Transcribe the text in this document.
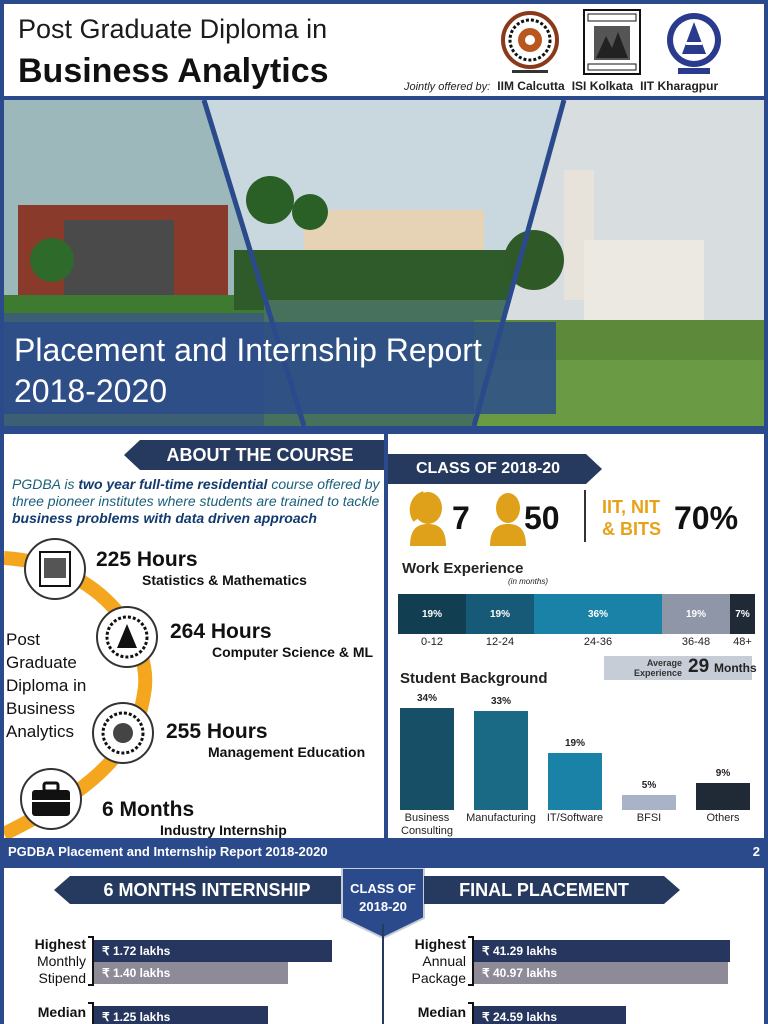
Post Graduate Diploma in
Business Analytics	Jointly offered by: IIM Calcutta ISI Kolkata IIT Kharagpur
Placement and Internship Report
2018-2020
ABOUT THE COURSE
PGDBA is two year full-time residential course offered by three pioneer institutes where students are trained to tackle business problems with data driven approach
225 Hours
Statistics & Mathematics
264 Hours
Computer Science & ML
255 Hours
Management Education
6 Months
Industry Internship
Post
Graduate
Diploma in
Business
Analytics
CLASS OF 2018-20
7 50 IIT, NIT
& BITS 70%
Work Experience
(in months)
19%	19%	36%	19%	7%
0-12	12-24	24-36	36-48	48+
Average
Experience 29 Months
Student Background
34%
Business Consulting
33%
Manufacturing
19%
IT/Software
5%
BFSI
9%
Others
PGDBA Placement and Internship Report 2018-2020	2
6 MONTHS INTERNSHIP	CLASS OF
2018-20
FINAL PLACEMENT
Highest
Monthly
Stipend
₹ 1.72 lakhs
₹ 1.40 lakhs
Median	₹ 1.25 lakhs
Highest
Annual
Package
₹ 41.29 lakhs
₹ 40.97 lakhs
Median	₹ 24.59 lakhs
